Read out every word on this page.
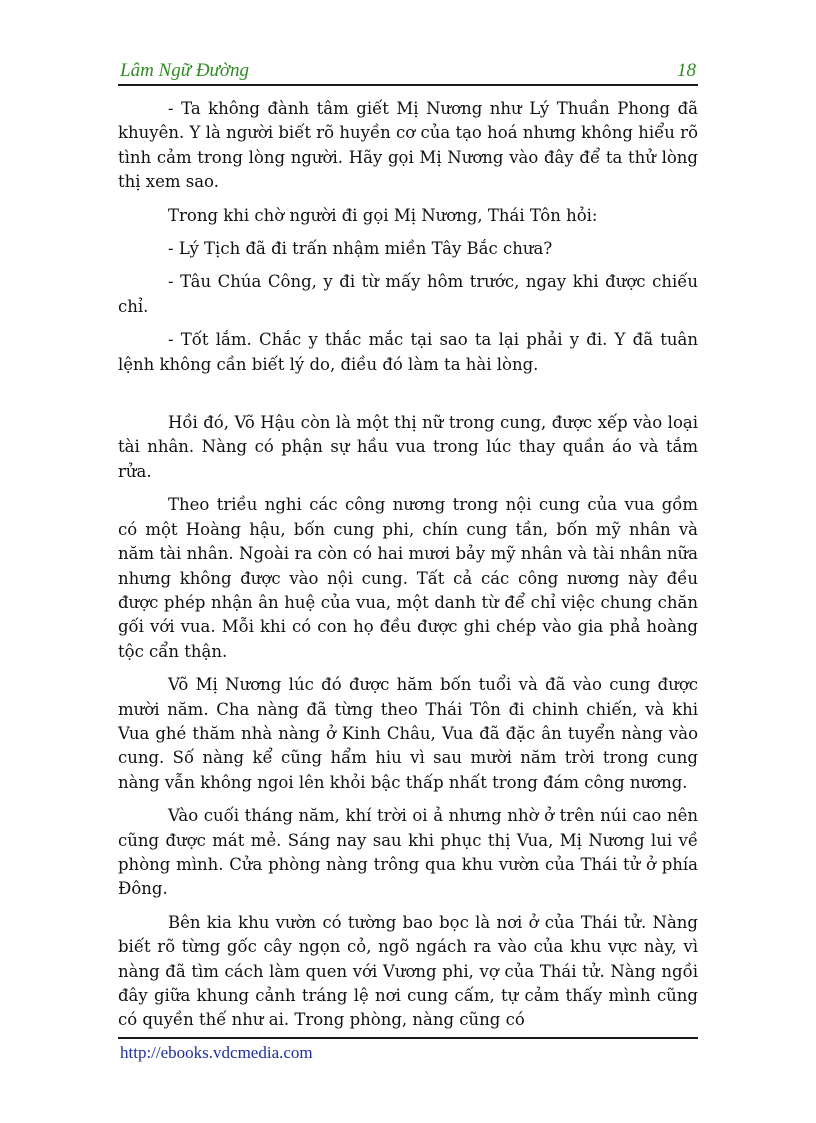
Lâm Ngữ Đường	18

- Ta không đành tâm giết Mị Nương như Lý Thuần Phong đã khuyên. Y là người biết rõ huyền cơ của tạo hoá nhưng không hiểu rõ tình cảm trong lòng người. Hãy gọi Mị Nương vào đây để ta thử lòng thị xem sao.

Trong khi chờ người đi gọi Mị Nương, Thái Tôn hỏi:

- Lý Tịch đã đi trấn nhậm miền Tây Bắc chưa?

- Tâu Chúa Công, y đi từ mấy hôm trước, ngay khi được chiếu chỉ.

- Tốt lắm. Chắc y thắc mắc tại sao ta lại phải y đi. Y đã tuân lệnh không cần biết lý do, điều đó làm ta hài lòng.

Hồi đó, Võ Hậu còn là một thị nữ trong cung, được xếp vào loại tài nhân. Nàng có phận sự hầu vua trong lúc thay quần áo và tắm rửa.

Theo triều nghi các công nương trong nội cung của vua gồm có một Hoàng hậu, bốn cung phi, chín cung tần, bốn mỹ nhân và năm tài nhân. Ngoài ra còn có hai mươi bảy mỹ nhân và tài nhân nữa nhưng không được vào nội cung. Tất cả các công nương này đều được phép nhận ân huệ của vua, một danh từ để chỉ việc chung chăn gối với vua. Mỗi khi có con họ đều được ghi chép vào gia phả hoàng tộc cẩn thận.

Võ Mị Nương lúc đó được hăm bốn tuổi và đã vào cung được mười năm. Cha nàng đã từng theo Thái Tôn đi chinh chiến, và khi Vua ghé thăm nhà nàng ở Kinh Châu, Vua đã đặc ân tuyển nàng vào cung. Số nàng kể cũng hẩm hiu vì sau mười năm trời trong cung nàng vẫn không ngoi lên khỏi bậc thấp nhất trong đám công nương.

Vào cuối tháng năm, khí trời oi ả nhưng nhờ ở trên núi cao nên cũng được mát mẻ. Sáng nay sau khi phục thị Vua, Mị Nương lui về phòng mình. Cửa phòng nàng trông qua khu vườn của Thái tử ở phía Đông.

Bên kia khu vườn có tường bao bọc là nơi ở của Thái tử. Nàng biết rõ từng gốc cây ngọn cỏ, ngõ ngách ra vào của khu vực này, vì nàng đã tìm cách làm quen với Vương phi, vợ của Thái tử. Nàng ngồi đây giữa khung cảnh tráng lệ nơi cung cấm, tự cảm thấy mình cũng có quyền thế như ai. Trong phòng, nàng cũng có

http://ebooks.vdcmedia.com
